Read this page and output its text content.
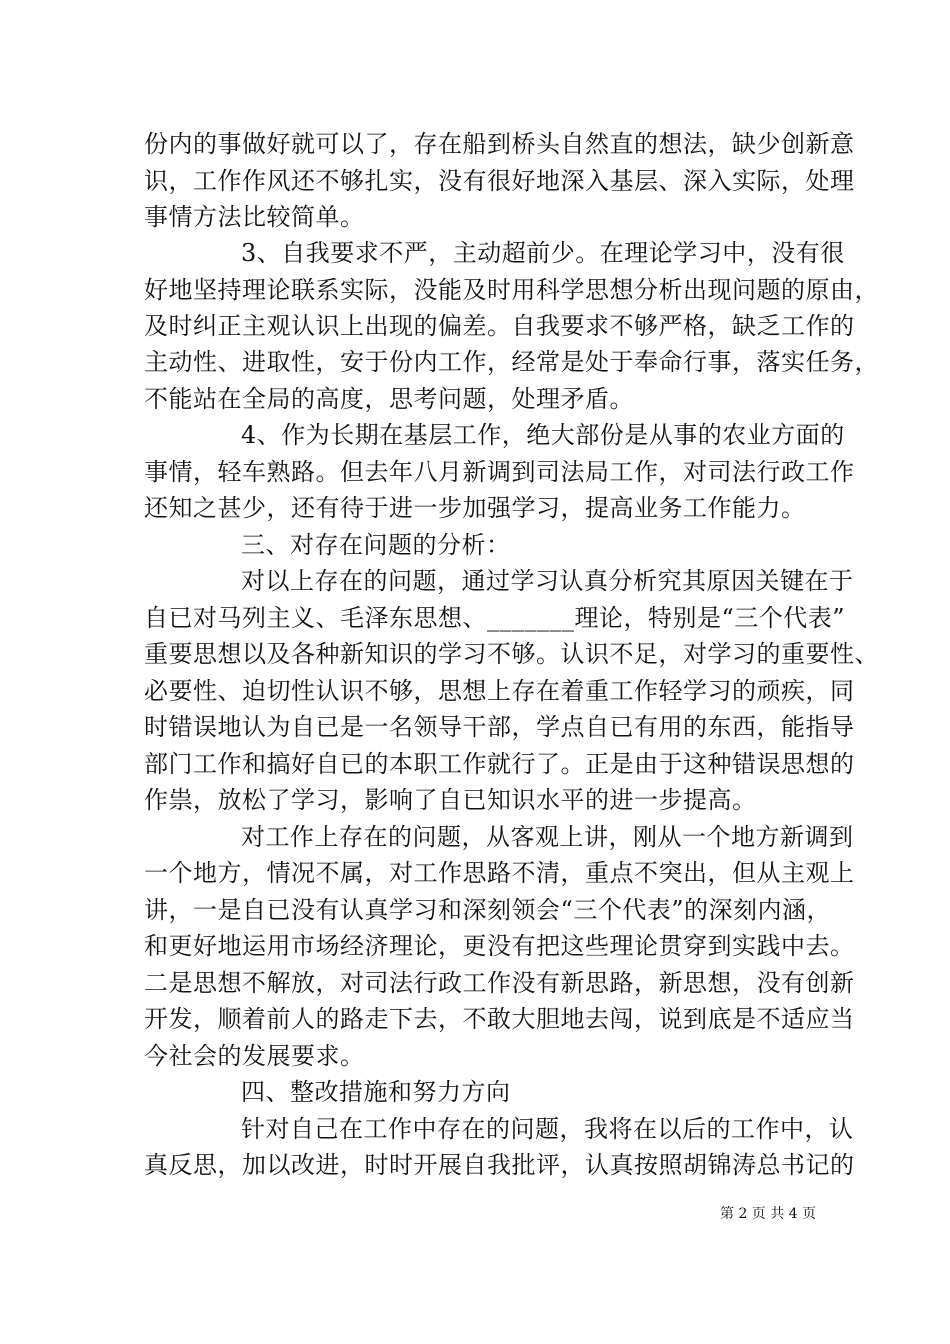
份内的事做好就可以了，存在船到桥头自然直的想法，缺少创新意
识，工作作风还不够扎实，没有很好地深入基层、深入实际，处理
事情方法比较简单。
3、自我要求不严，主动超前少。在理论学习中，没有很
好地坚持理论联系实际，没能及时用科学思想分析出现问题的原由，
及时纠正主观认识上出现的偏差。自我要求不够严格，缺乏工作的
主动性、进取性，安于份内工作，经常是处于奉命行事，落实任务，
不能站在全局的高度，思考问题，处理矛盾。
4、作为长期在基层工作，绝大部份是从事的农业方面的
事情，轻车熟路。但去年八月新调到司法局工作，对司法行政工作
还知之甚少，还有待于进一步加强学习，提高业务工作能力。
三、对存在问题的分析：
对以上存在的问题，通过学习认真分析究其原因关键在于
自已对马列主义、毛泽东思想、_______理论，特别是“三个代表”
重要思想以及各种新知识的学习不够。认识不足，对学习的重要性、
必要性、迫切性认识不够，思想上存在着重工作轻学习的顽疾，同
时错误地认为自已是一名领导干部，学点自已有用的东西，能指导
部门工作和搞好自已的本职工作就行了。正是由于这种错误思想的
作祟，放松了学习，影响了自已知识水平的进一步提高。
对工作上存在的问题，从客观上讲，刚从一个地方新调到
一个地方，情况不属，对工作思路不清，重点不突出，但从主观上
讲，一是自已没有认真学习和深刻领会“三个代表”的深刻内涵，
和更好地运用市场经济理论，更没有把这些理论贯穿到实践中去。
二是思想不解放，对司法行政工作没有新思路，新思想，没有创新
开发，顺着前人的路走下去，不敢大胆地去闯，说到底是不适应当
今社会的发展要求。
四、整改措施和努力方向
针对自己在工作中存在的问题，我将在以后的工作中，认
真反思，加以改进，时时开展自我批评，认真按照胡锦涛总书记的
第 2 页 共 4 页
